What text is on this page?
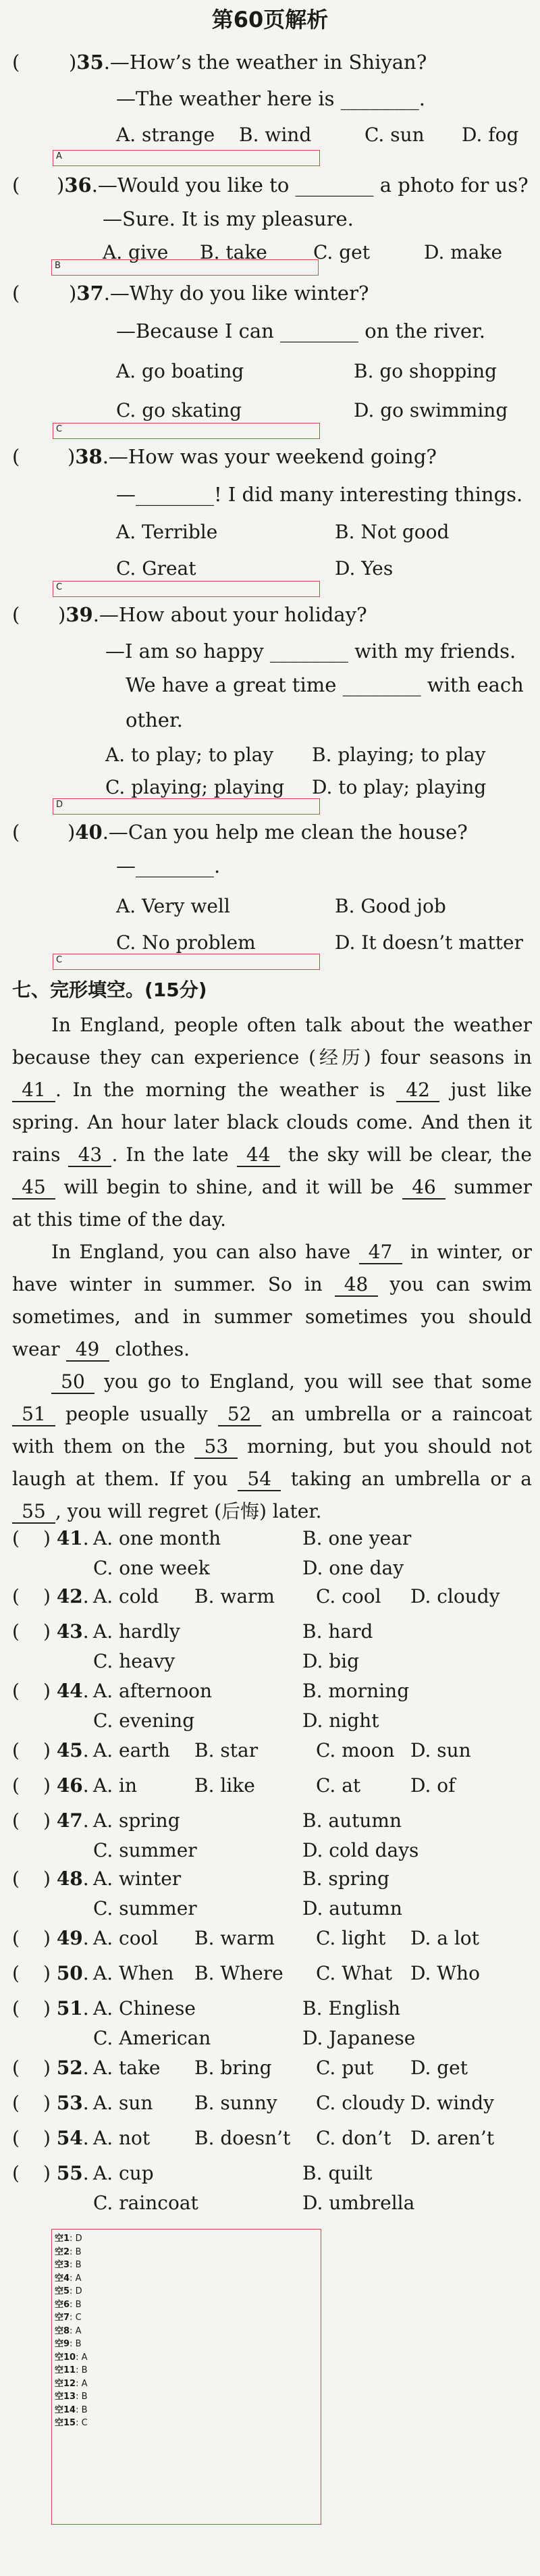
第60页解析
(	)35.—How’s the weather in Shiyan?
—The weather here is ________.
A. strange B. wind	C. sun D. fog
A
( )36.—Would you like to ________ a photo for us?
—Sure. It is my pleasure.
A. give B. take C. get	D. make
B
(	)37.—Why do you like winter?
—Because I can ________ on the river.
A. go boating	B. go shopping
C. go skating	D. go swimming
C
( )38.—How was your weekend going?
—________! I did many interesting things.
A. Terrible	B. Not good
C. Great	D. Yes
C
( )39.—How about your holiday?
—I am so happy ________ with my friends.
We have a great time ________ with each
other.
A. to play; to play B. playing; to play
C. playing; playing D. to play; playing
D
( )40.—Can you help me clean the house?
—________.
A. Very well	B. Good job
C. No problem	D. It doesn’t matter
C
七、完形填空。(15分)

In England, people often talk about the weather because they can experience (经历) four seasons in 41 . In the morning the weather is 42 just like spring. An hour later black clouds come. And then it rains 43 . In the late 44 the sky will be clear, the 45 will begin to shine, and it will be 46 summer at this time of the day.

In England, you can also have 47 in winter, or have winter in summer. So in 48 you can swim sometimes, and in summer sometimes you should wear 49 clothes.

50 you go to England, you will see that some 51 people usually 52 an umbrella or a raincoat with them on the 53 morning, but you should not laugh at them. If you 54 taking an umbrella or a 55 , you will regret (后悔) later.

( ) 41. A. one month	B. one year
C. one week	D. one day
( ) 42. A. cold B. warm C. cool D. cloudy
( ) 43. A. hardly	B. hard
C. heavy	D. big
( ) 44. A. afternoon	B. morning
C. evening	D. night
( ) 45. A. earth B. star	C. moon D. sun
( ) 46. A. in	B. like	C. at	D. of
( ) 47. A. spring	B. autumn
C. summer	D. cold days
( ) 48. A. winter	B. spring
C. summer	D. autumn
( ) 49. A. cool B. warm C. light D. a lot
( ) 50. A. When B. Where C. What D. Who
( ) 51. A. Chinese	B. English
C. American	D. Japanese
( ) 52. A. take B. bring C. put D. get
( ) 53. A. sun B. sunny C. cloudy D. windy
( ) 54. A. not B. doesn’t C. don’t D. aren’t
( ) 55. A. cup	B. quilt
C. raincoat	D. umbrella
空1: D
空2: B
空3: B
空4: A
空5: D
空6: B
空7: C
空8: A
空9: B
空10: A
空11: B
空12: A
空13: B
空14: B
空15: C
